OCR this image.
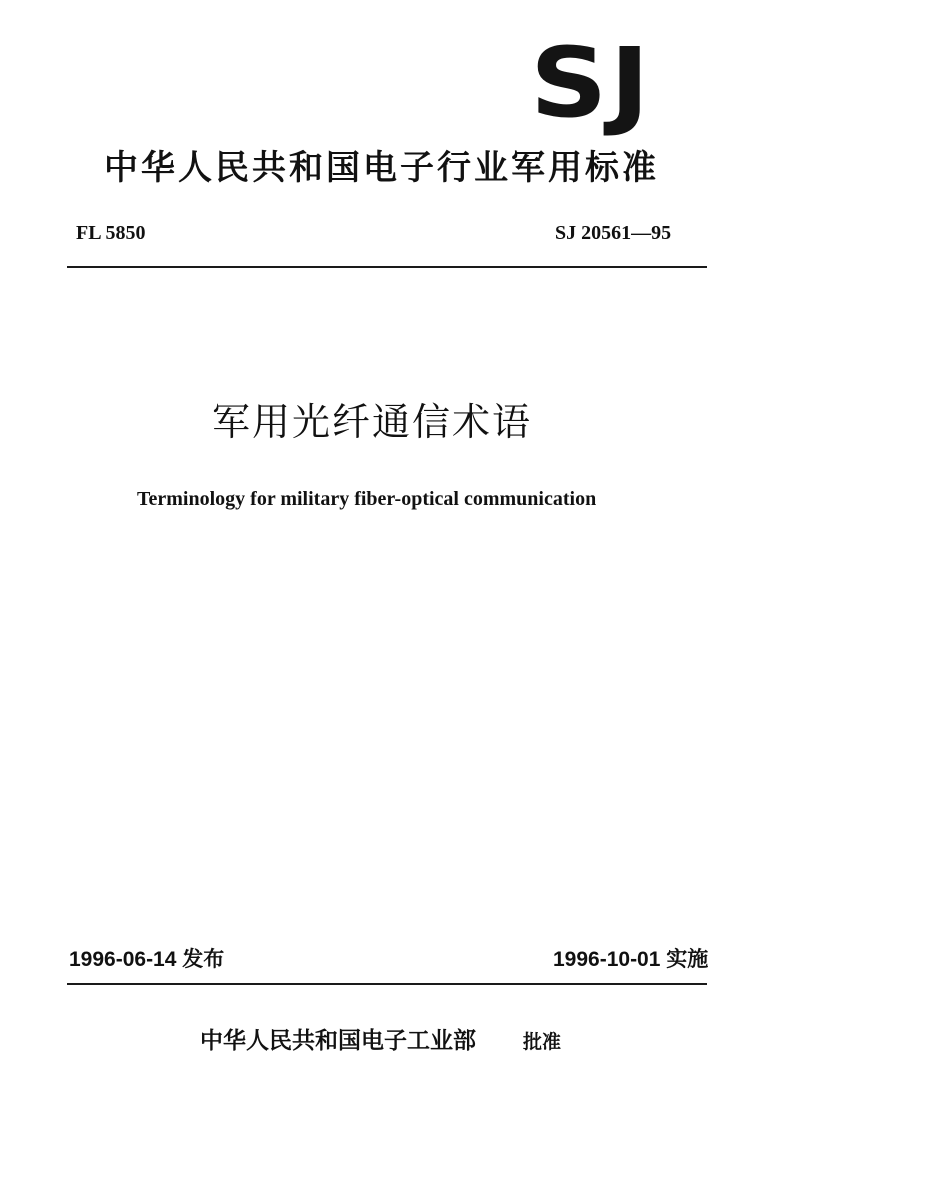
SJ
中华人民共和国电子行业军用标准
FL 5850	SJ 20561—95
军用光纤通信术语
Terminology for military fiber-optical communication
1996-06-14 发布	1996-10-01 实施
中华人民共和国电子工业部 批准
